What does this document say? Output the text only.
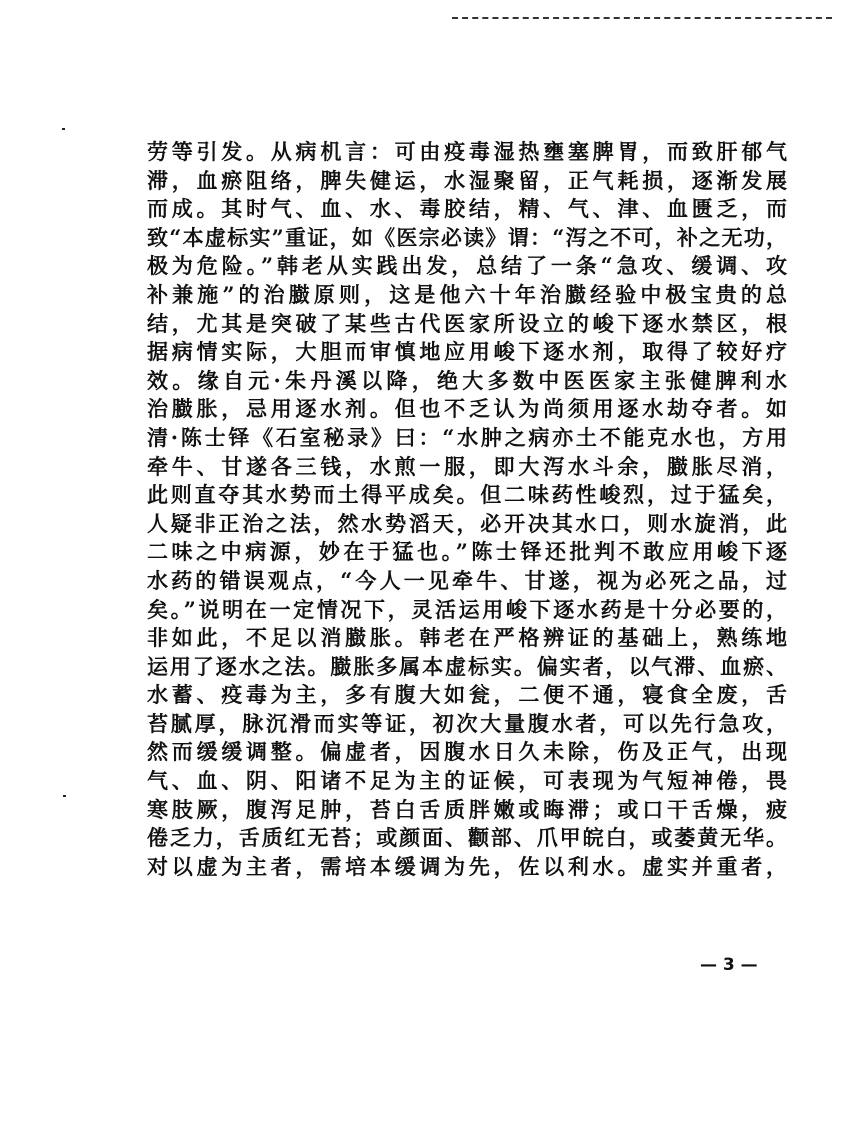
劳等引发。从病机言：可由疫毒湿热壅塞脾胃，而致肝郁气
滞，血瘀阻络，脾失健运，水湿聚留，正气耗损，逐渐发展
而成。其时气、血、水、毒胶结，精、气、津、血匮乏，而
致“本虚标实”重证，如《医宗必读》谓：“泻之不可，补之无功，
极为危险。”韩老从实践出发，总结了一条“急攻、缓调、攻
补兼施”的治臌原则，这是他六十年治臌经验中极宝贵的总
结，尤其是突破了某些古代医家所设立的峻下逐水禁区，根
据病情实际，大胆而审慎地应用峻下逐水剂，取得了较好疗
效。缘自元·朱丹溪以降，绝大多数中医医家主张健脾利水
治臌胀，忌用逐水剂。但也不乏认为尚须用逐水劫夺者。如
清·陈士铎《石室秘录》曰：“水肿之病亦土不能克水也，方用
牵牛、甘遂各三钱，水煎一服，即大泻水斗余，臌胀尽消，
此则直夺其水势而土得平成矣。但二味药性峻烈，过于猛矣，
人疑非正治之法，然水势滔天，必开决其水口，则水旋消，此
二味之中病源，妙在于猛也。”陈士铎还批判不敢应用峻下逐
水药的错误观点，“今人一见牵牛、甘遂，视为必死之品，过
矣。”说明在一定情况下，灵活运用峻下逐水药是十分必要的，
非如此，不足以消臌胀。韩老在严格辨证的基础上，熟练地
运用了逐水之法。臌胀多属本虚标实。偏实者，以气滞、血瘀、
水蓄、疫毒为主，多有腹大如瓮，二便不通，寝食全废，舌
苔腻厚，脉沉滑而实等证，初次大量腹水者，可以先行急攻，
然而缓缓调整。偏虚者，因腹水日久未除，伤及正气，出现
气、血、阴、阳诸不足为主的证候，可表现为气短神倦，畏
寒肢厥，腹泻足肿，苔白舌质胖嫩或晦滞；或口干舌燥，疲
倦乏力，舌质红无苔；或颜面、颧部、爪甲皖白，或萎黄无华。
对以虚为主者，需培本缓调为先，佐以利水。虚实并重者，
— 3 —
